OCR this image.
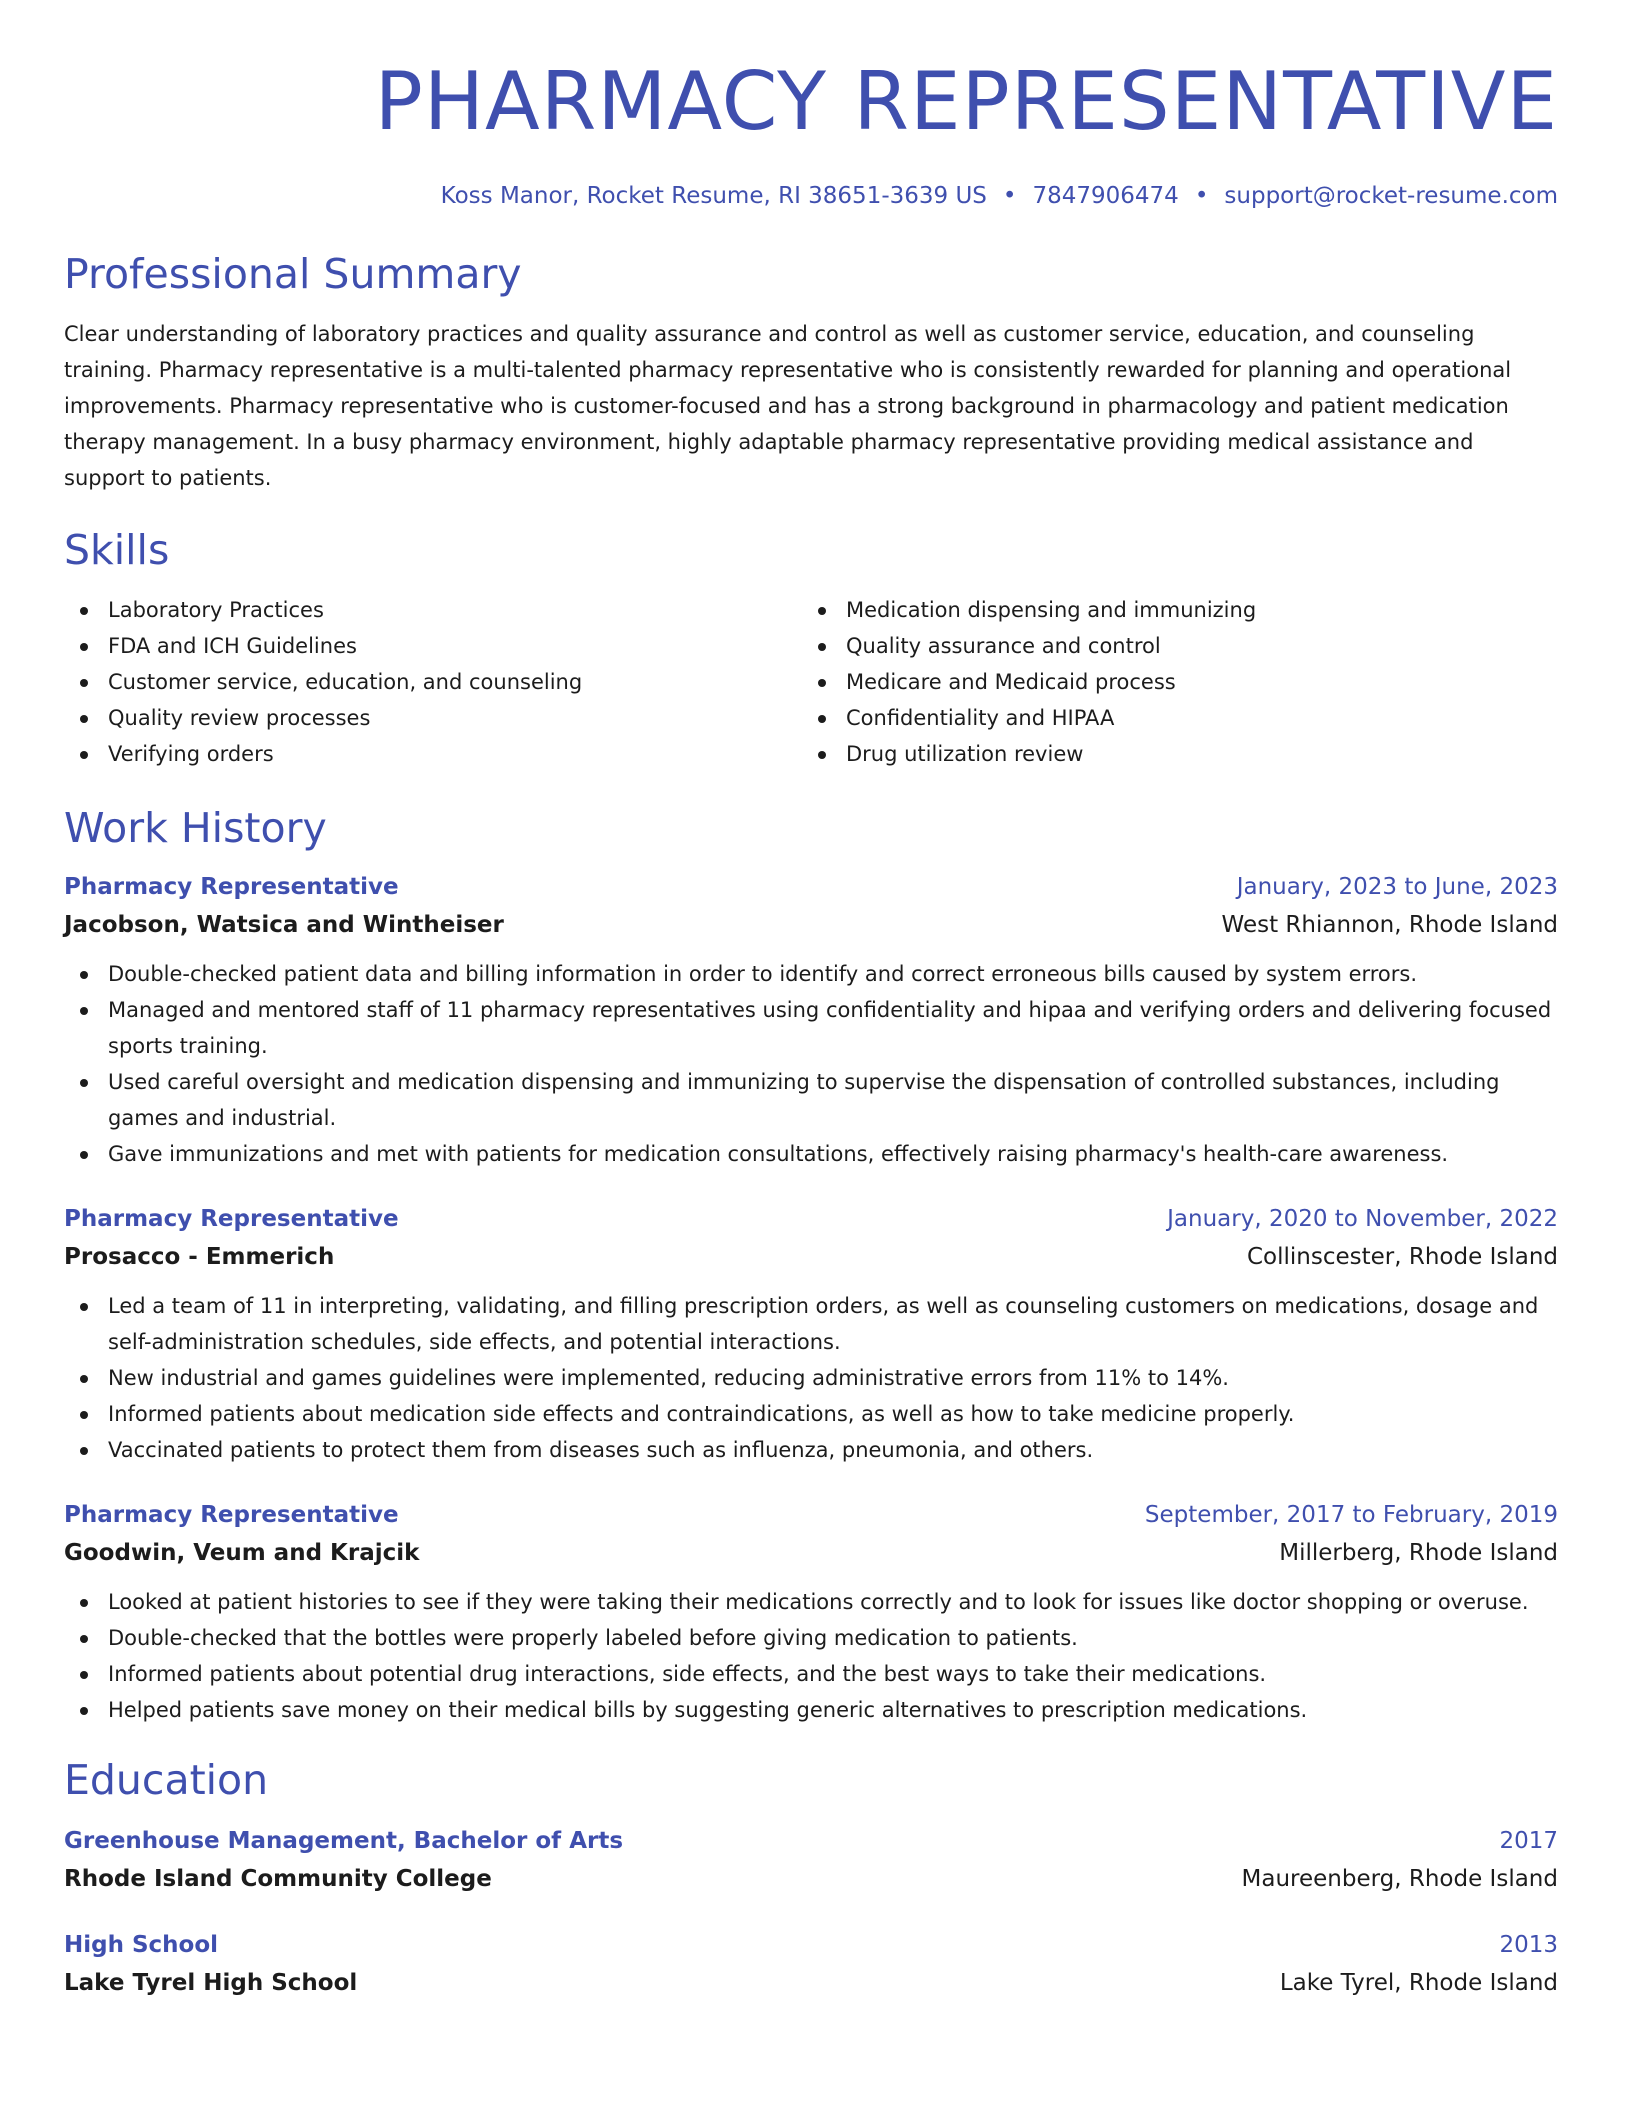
PHARMACY REPRESENTATIVE
Koss Manor, Rocket Resume, RI 38651-3639 US • 7847906474 • support@rocket-resume.com
Professional Summary
Clear understanding of laboratory practices and quality assurance and control as well as customer service, education, and counseling training. Pharmacy representative is a multi-talented pharmacy representative who is consistently rewarded for planning and operational improvements. Pharmacy representative who is customer-focused and has a strong background in pharmacology and patient medication therapy management. In a busy pharmacy environment, highly adaptable pharmacy representative providing medical assistance and support to patients.
Skills
Laboratory Practices
FDA and ICH Guidelines
Customer service, education, and counseling
Quality review processes
Verifying orders
Medication dispensing and immunizing
Quality assurance and control
Medicare and Medicaid process
Confidentiality and HIPAA
Drug utilization review
Work History
Pharmacy Representative	January, 2023 to June, 2023
Jacobson, Watsica and Wintheiser	West Rhiannon, Rhode Island
Double-checked patient data and billing information in order to identify and correct erroneous bills caused by system errors.
Managed and mentored staff of 11 pharmacy representatives using confidentiality and hipaa and verifying orders and delivering focused sports training.
Used careful oversight and medication dispensing and immunizing to supervise the dispensation of controlled substances, including games and industrial.
Gave immunizations and met with patients for medication consultations, effectively raising pharmacy's health-care awareness.
Pharmacy Representative	January, 2020 to November, 2022
Prosacco - Emmerich	Collinscester, Rhode Island
Led a team of 11 in interpreting, validating, and filling prescription orders, as well as counseling customers on medications, dosage and self-administration schedules, side effects, and potential interactions.
New industrial and games guidelines were implemented, reducing administrative errors from 11% to 14%.
Informed patients about medication side effects and contraindications, as well as how to take medicine properly.
Vaccinated patients to protect them from diseases such as influenza, pneumonia, and others.
Pharmacy Representative	September, 2017 to February, 2019
Goodwin, Veum and Krajcik	Millerberg, Rhode Island
Looked at patient histories to see if they were taking their medications correctly and to look for issues like doctor shopping or overuse.
Double-checked that the bottles were properly labeled before giving medication to patients.
Informed patients about potential drug interactions, side effects, and the best ways to take their medications.
Helped patients save money on their medical bills by suggesting generic alternatives to prescription medications.
Education
Greenhouse Management, Bachelor of Arts	2017
Rhode Island Community College	Maureenberg, Rhode Island
High School	2013
Lake Tyrel High School	Lake Tyrel, Rhode Island
